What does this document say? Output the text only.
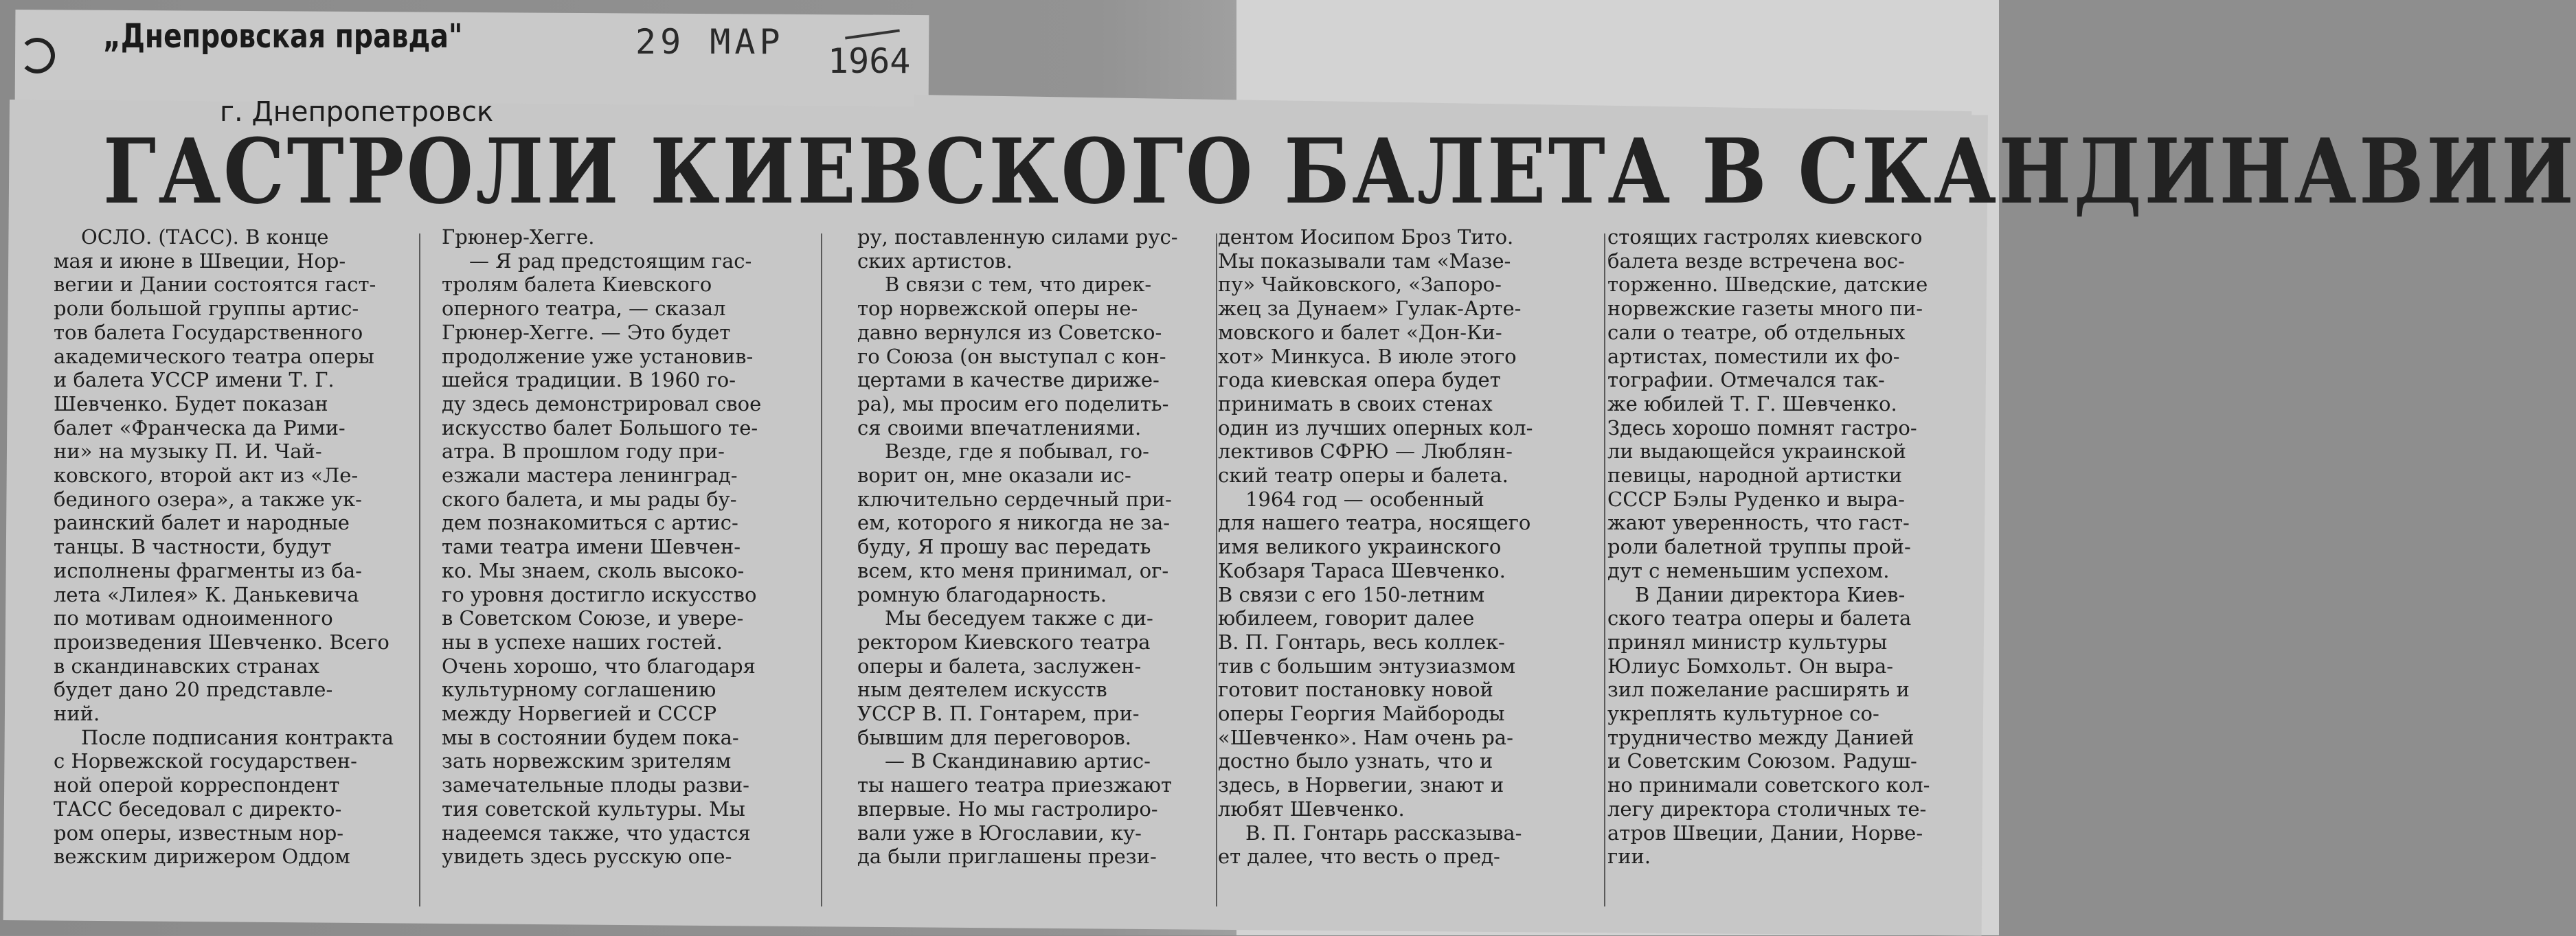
„Днепровская правда"	29 МАР 1964
г. Днепропетровск
ГАСТРОЛИ КИЕВСКОГО БАЛЕТА В СКАНДИНАВИИ

ОСЛО. (ТАСС). В конце
мая и июне в Швеции, Нор-
вегии и Дании состоятся гаст-
роли большой группы артис-
тов балета Государственного
академического театра оперы
и балета УССР имени Т. Г.
Шевченко. Будет показан
балет «Франческа да Рими-
ни» на музыку П. И. Чай-
ковского, второй акт из «Ле-
бединого озера», а также ук-
раинский балет и народные
танцы. В частности, будут
исполнены фрагменты из ба-
лета «Лилея» К. Данькевича
по мотивам одноименного
произведения Шевченко. Всего
в скандинавских странах
будет дано 20 представле-
ний.
После подписания контракта
с Норвежской государствен-
ной оперой корреспондент
ТАСС беседовал с директо-
ром оперы, известным нор-
вежским дирижером Оддом

Грюнер-Хегге.
— Я рад предстоящим гас-
тролям балета Киевского
оперного театра, — сказал
Грюнер-Хегге. — Это будет
продолжение уже установив-
шейся традиции. В 1960 го-
ду здесь демонстрировал свое
искусство балет Большого те-
атра. В прошлом году при-
езжали мастера ленинград-
ского балета, и мы рады бу-
дем познакомиться с артис-
тами театра имени Шевчен-
ко. Мы знаем, сколь высоко-
го уровня достигло искусство
в Советском Союзе, и увере-
ны в успехе наших гостей.
Очень хорошо, что благодаря
культурному соглашению
между Норвегией и СССР
мы в состоянии будем пока-
зать норвежским зрителям
замечательные плоды разви-
тия советской культуры. Мы
надеемся также, что удастся
увидеть здесь русскую опе-

ру, поставленную силами рус-
ских артистов.
В связи с тем, что дирек-
тор норвежской оперы не-
давно вернулся из Советско-
го Союза (он выступал с кон-
цертами в качестве дирижe-
ра), мы просим его поделить-
ся своими впечатлениями.
Везде, где я побывал, го-
ворит он, мне оказали ис-
ключительно сердечный при-
ем, которого я никогда не за-
буду, Я прошу вас передать
всем, кто меня принимал, ог-
ромную благодарность.
Мы беседуем также с ди-
ректором Киевского театра
оперы и балета, заслужен-
ным деятелем искусств
УССР В. П. Гонтарем, при-
бывшим для переговоров.
— В Скандинавию артис-
ты нашего театра приезжают
впервые. Но мы гастролиро-
вали уже в Югославии, ку-
да были приглашены прези-

дентом Иосипом Броз Тито.
Мы показывали там «Мазе-
пу» Чайковского, «Запоро-
жец за Дунаем» Гулак-Арте-
мовского и балет «Дон-Ки-
хот» Минкуса. В июле этого
года киевская опера будет
принимать в своих стенах
один из лучших оперных кол-
лективов СФРЮ — Люблян-
ский театр оперы и балета.
1964 год — особенный
для нашего театра, носящего
имя великого украинского
Кобзаря Тараса Шевченко.
В связи с его 150-летним
юбилеем, говорит далее
В. П. Гонтарь, весь коллек-
тив с большим энтузиазмом
готовит постановку новой
оперы Георгия Майбороды
«Шевченко». Нам очень ра-
достно было узнать, что и
здесь, в Норвегии, знают и
любят Шевченко.
В. П. Гонтарь рассказыва-
ет далее, что весть о пред-

стоящих гастролях киевского
балета везде встречена вос-
торженно. Шведские, датские
норвежские газеты много пи-
сали о театре, об отдельных
артистах, поместили их фо-
тографии. Отмечался так-
же юбилей Т. Г. Шевченко.
Здесь хорошо помнят гастро-
ли выдающейся украинской
певицы, народной артистки
СССР Бэлы Руденко и выра-
жают уверенность, что гаст-
роли балетной труппы прой-
дут с неменьшим успехом.
В Дании директора Киев-
ского театра оперы и балета
принял министр культуры
Юлиус Бомхольт. Он выра-
зил пожелание расширять и
укреплять культурное со-
трудничество между Данией
и Советским Союзом. Радуш-
но принимали советского кол-
легу директора столичных те-
атров Швеции, Дании, Норве-
гии.
